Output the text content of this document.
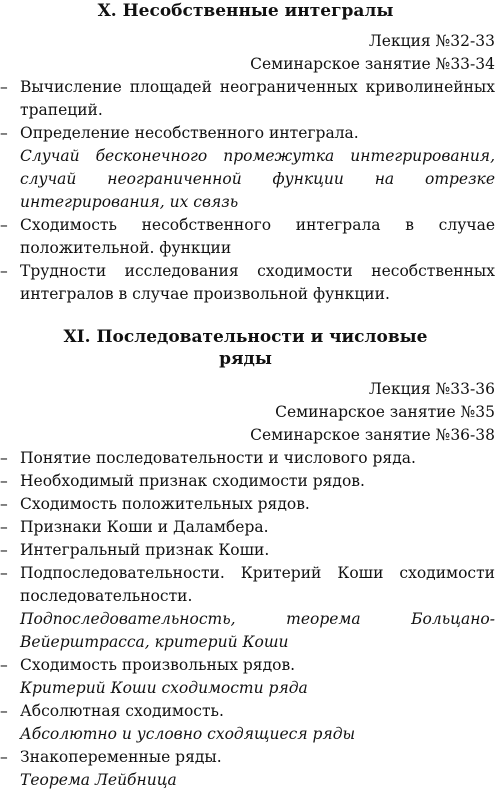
X. Несобственные интегралы
Лекция №32-33
Семинарское занятие №33-34
– Вычисление площадей неограниченных криволинейных трапеций.
– Определение несобственного интеграла.
Случай бесконечного промежутка интегрирования, случай неограниченной функции на отрезке интегрирования, их связь
– Сходимость несобственного интеграла в случае положительной. функции
– Трудности исследования сходимости несобственных интегралов в случае произвольной функции.
XI. Последовательности и числовые ряды
Лекция №33-36
Семинарское занятие №35
Семинарское занятие №36-38
– Понятие последовательности и числового ряда.
– Необходимый признак сходимости рядов.
– Сходимость положительных рядов.
– Признаки Коши и Даламбера.
– Интегральный признак Коши.
– Подпоследовательности. Критерий Коши сходимости последовательности.
Подпоследовательность, теорема Больцано-Вейерштрасса, критерий Коши
– Сходимость произвольных рядов.
Критерий Коши сходимости ряда
– Абсолютная сходимость.
Абсолютно и условно сходящиеся ряды
– Знакопеременные ряды.
Теорема Лейбница
